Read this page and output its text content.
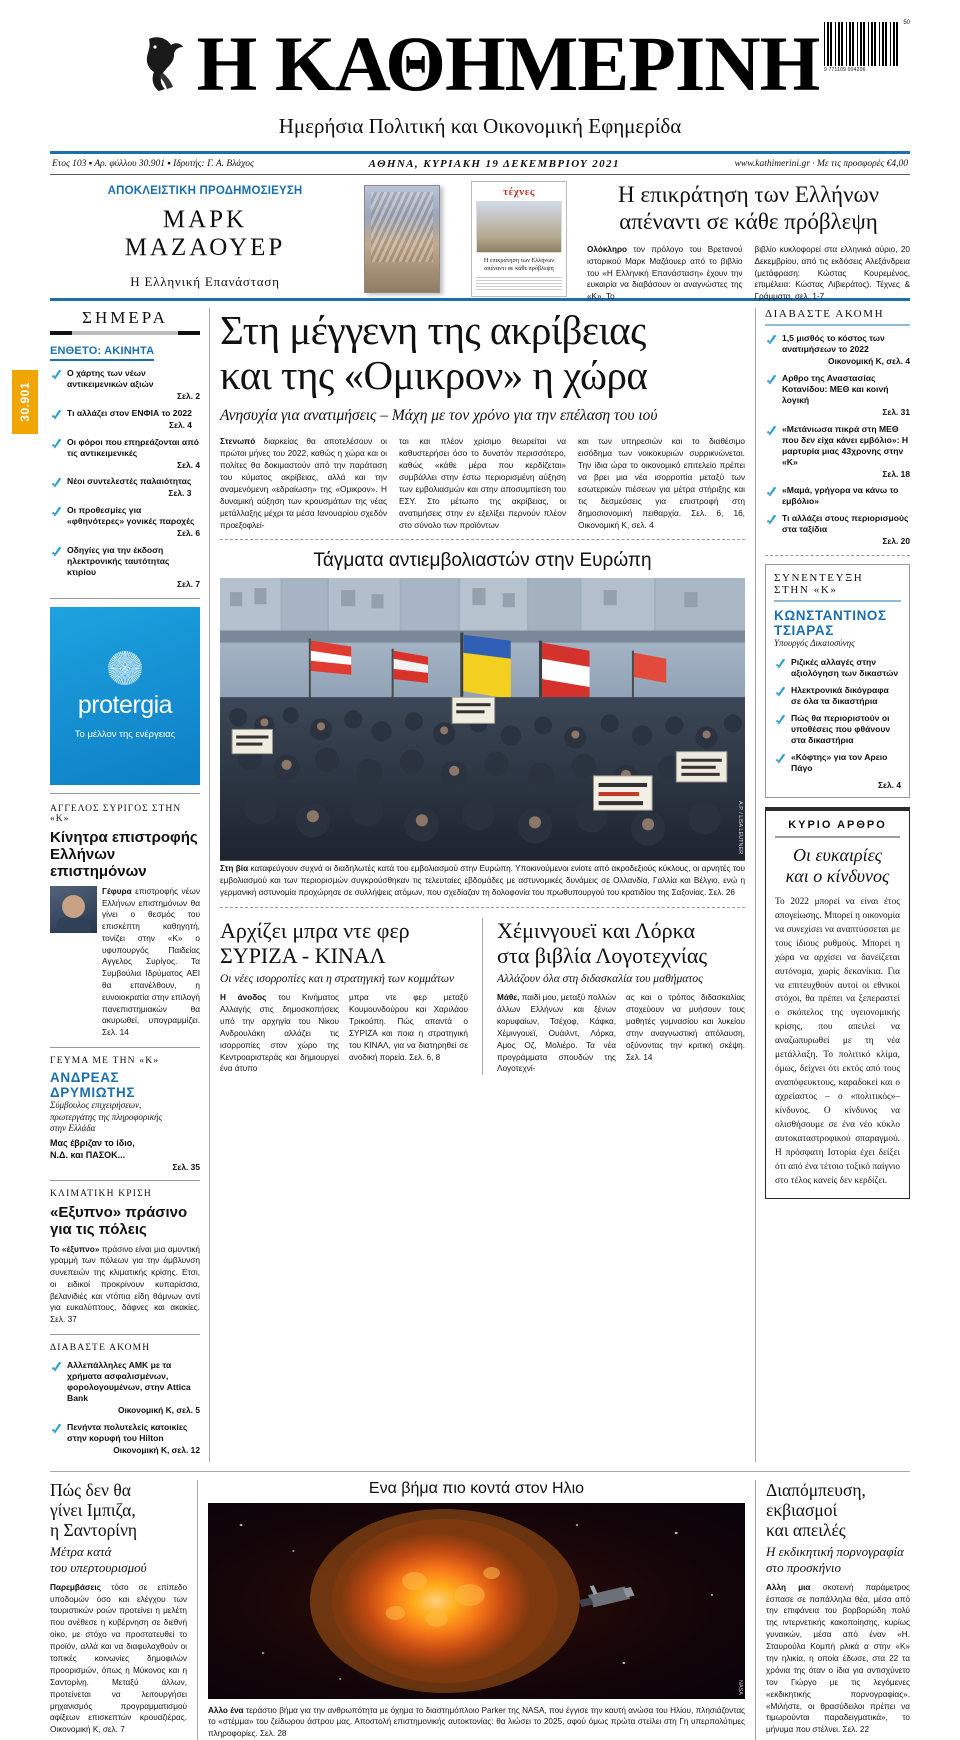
30.901
Η ΚΑΘΗΜΕΡΙΝΗ	50
9 771109 004206
Ημερήσια Πολιτική και Οικονομική Εφημερίδα
Ετος 103 ▪ Αρ. φύλλου 30.901 ▪ Ιδρυτής: Γ. Α. Βλάχος	ΑΘΗΝΑ, ΚΥΡΙΑΚΗ 19 ΔΕΚΕΜΒΡΙΟΥ 2021	www.kathimerini.gr · Με τις προσφορές €4,00
ΑΠΟΚΛΕΙΣΤΙΚΗ ΠΡΟΔΗΜΟΣΙΕΥΣΗ
ΜΑΡΚ
ΜΑΖΑΟΥΕΡ
Η Ελληνική Επανάσταση
τέχνες
Η επικράτηση των Ελλήνων απέναντι σε κάθε πρόβλεψη
Η επικράτηση των Ελλήνων
απέναντι σε κάθε πρόβλεψη

Ολόκληρο τον πρόλογο του Βρετανού ιστορικού Μαρκ Μαζάουερ από το βιβλίο του «Η Ελληνική Επανάσταση» έχουν την ευκαιρία να διαβάσουν οι αναγνώστες της «Κ». Το

βιβλίο κυκλοφορεί στα ελληνικά αύριο, 20 Δεκεμβρίου, από τις εκδόσεις Αλεξάνδρεια (μετάφραση: Κώστας Κουρεμένος, επιμέλεια: Κώστας Λιβιεράτος). Τέχνες & Γράμματα, σελ. 1-7

ΣΗΜΕΡΑ
ΕΝΘΕΤΟ: ΑΚΙΝΗΤΑ
Ο χάρτης των νέων αντικειμενικών αξιών
Σελ. 2
Τι αλλάζει στον ΕΝΦΙΑ το 2022
Σελ. 4
Οι φόροι που επηρεάζονται από τις αντικειμενικές
Σελ. 4
Νέοι συντελεστές παλαιότητας
Σελ. 3
Οι προθεσμίες για «φθηνότερες» γονικές παροχές
Σελ. 6
Οδηγίες για την έκδοση ηλεκτρονικής ταυτότητας κτιρίου
Σελ. 7
protergia
Το μέλλον της ενέργειας
ΑΓΓΕΛΟΣ ΣΥΡΙΓΟΣ ΣΤΗΝ «Κ»
Κίνητρα επιστροφής
Ελλήνων επιστημόνων
Γέφυρα επιστροφής νέων Ελλήνων επιστημόνων θα γίνει ο θεσμός του επισκέπτη καθηγητή, τονίζει στην «Κ» ο υφυπουργός Παιδείας Αγγελος Συρίγος. Τα Συμβούλια Ιδρύματος ΑΕΙ θα επανέλθουν, η ευνοιοκρατία στην επιλογή πανεπιστημιακών θα ακυρωθεί, υπογραμμίζει. Σελ. 14
ΓΕΥΜΑ ΜΕ ΤΗΝ «Κ»
ΑΝΔΡΕΑΣ ΔΡΥΜΙΩΤΗΣ
Σύμβουλος επιχειρήσεων,
πρωτεργάτης της πληροφορικής
στην Ελλάδα
Μας έβριζαν το ίδιο,
Ν.Δ. και ΠΑΣΟΚ...
Σελ. 35
ΚΛΙΜΑΤΙΚΗ ΚΡΙΣΗ
«Εξυπνο» πράσινο
για τις πόλεις
Το «έξυπνο» πράσινο είναι μια αμυντική γραμμή των πόλεων για την άμβλυνση συνεπειών της κλιματικής κρίσης. Ετσι, οι ειδικοί προκρίνουν κυπαρίσσια, βελανιδιές και ντόπια είδη θάμνων αντί για ευκαλύπτους, δάφνες και ακακίες. Σελ. 37
ΔΙΑΒΑΣΤΕ ΑΚΟΜΗ
Αλλεπάλληλες ΑΜΚ με τα χρήματα ασφαλισμένων, φορολογουμένων, στην Attica Bank
Οικονομική Κ, σελ. 5
Πενήντα πολυτελείς κατοικίες στην κορυφή του Hilton
Οικονομική Κ, σελ. 12
Στη μέγγενη της ακρίβειας
και της «Ομικρον» η χώρα
Ανησυχία για ανατιμήσεις – Μάχη με τον χρόνο για την επέλαση του ιού

Στενωπό διαρκείας θα αποτελέσουν οι πρώτοι μήνες του 2022, καθώς η χώρα και οι πολίτες θα δοκιμαστούν από την παράταση του κύματος ακρίβειας, αλλά και την αναμενόμενη «εδραίωση» της «Ομικρον». Η δυναμική αύξηση των κρουσμάτων της νέας μετάλλαξης μέχρι τα μέσα Ιανουαρίου σχεδόν προεξοφλεί-

ται και πλέον χρίσιμο θεωρείται να καθυστερήσει όσο το δυνατόν περισσότερο, καθώς «κάθε μέρα που κερδίζεται» συμβάλλει στην έστω περιορισμένη αύξηση των εμβολιασμών και στην αποσυμπίεση του ΕΣΥ. Στο μέτωπο της ακρίβειας, οι ανατιμήσεις στην εν εξελίξει περνούν πλέον στο σύνολο των προϊόντων

και των υπηρεσιών και το διαθέσιμο εισόδημα των νοικοκυριών συρρικνώνεται. Την ίδια ώρα το οικονομικό επιτελείο πρέπει να βρει μια νέα ισορροπία μεταξύ των εσωτερικών πιέσεων για μέτρα στήριξης και τις δεσμεύσεις για επιστροφή στη δημοσιονομική πειθαρχία. Σελ. 6, 16, Οικονομική Κ, σελ. 4

Τάγματα αντιεμβολιαστών στην Ευρώπη
A.P. / LISA LEUTNER
Στη βία καταφεύγουν συχνά οι διαδηλωτές κατά του εμβολιασμού στην Ευρώπη. Υποκινούμενοι ενίοτε από ακροδεξιούς κύκλους, οι αρνητές του εμβολιασμού και των περιορισμών συγκρούσθηκαν τις τελευταίες εβδομάδες με αστυνομικές δυνάμεις σε Ολλανδία, Γαλλία και Βέλγιο, ενώ η γερμανική αστυνομία προχώρησε σε συλλήψεις ατόμων, που σχεδίαζαν τη δολοφονία του πρωθυπουργού του κρατιδίου της Σαξονίας. Σελ. 26
Αρχίζει μπρα ντε φερ
ΣΥΡΙΖΑ - ΚΙΝΑΛ
Οι νέες ισορροπίες και η στρατηγική των κομμάτων

Η άνοδος του Κινήματος Αλλαγής στις δημοσκοπήσεις υπό την αρχηγία του Νίκου Ανδρουλάκη αλλάζει τις ισορροπίες στον χώρο της Κεντροαριστεράς και δημιουργεί ένα άτυπο

μπρα ντε φερ μεταξύ Κουμουνδούρου και Χαριλάου Τρικούπη. Πώς απαντά ο ΣΥΡΙΖΑ και ποια η στρατηγική του ΚΙΝΑΛ, για να διατηρηθεί σε ανοδική πορεία. Σελ. 6, 8

Χέμινγουεϊ και Λόρκα
στα βιβλία Λογοτεχνίας
Αλλάζουν όλα στη διδασκαλία του μαθήματος

Μάθε, παιδί μου, μεταξύ πολλών άλλων Ελλήνων και ξένων κορυφαίων, Τσέχοφ, Κάφκα, Χέμινγουεϊ, Ουάιλντ, Λόρκα, Αμος Οζ, Μολιέρο. Τα νέα προγράμματα σπουδών της Λογοτεχνί-

ας και ο τρόπος διδασκαλίας στοχεύουν να μυήσουν τους μαθητές γυμνασίου και λυκείου στην αναγνωστική απόλαυση, οξύνοντας την κριτική σκέψη. Σελ. 14

ΔΙΑΒΑΣΤΕ ΑΚΟΜΗ
1,5 μισθός το κόστος των ανατιμήσεων το 2022
Οικονομική Κ, σελ. 4
Αρθρο της Αναστασίας Κοτανίδου: ΜΕΘ και κοινή λογική
Σελ. 31
«Μετάνιωσα πικρά στη ΜΕΘ που δεν είχα κάνει εμβόλιο»: Η μαρτυρία μιας 43χρονης στην «Κ»
Σελ. 18
«Μαμά, γρήγορα να κάνω το εμβόλιο»
Τι αλλάζει στους περιορισμούς στα ταξίδια
Σελ. 20
ΣΥΝΕΝΤΕΥΞΗ ΣΤΗΝ «Κ»
ΚΩΝΣΤΑΝΤΙΝΟΣ ΤΣΙΑΡΑΣ
Υπουργός Δικαιοσύνης
Ριζικές αλλαγές στην αξιολόγηση των δικαστών
Ηλεκτρονικά δικόγραφα σε όλα τα δικαστήρια
Πώς θα περιοριστούν οι υποθέσεις που φθάνουν στα δικαστήρια
«Κόφτης» για τον Αρειο Πάγο
Σελ. 4
ΚΥΡΙΟ ΑΡΘΡΟ
Οι ευκαιρίες
και ο κίνδυνος
Το 2022 μπορεί να είναι έτος απογείωσης. Μπορεί η οικονομία να συνεχίσει να αναπτύσσεται με τους ίδιους ρυθμούς. Μπορεί η χώρα να αρχίσει να δανείζεται αυτόνομα, χωρίς δεκανίκια. Για να επιτευχθούν αυτοί οι εθνικοί στόχοι, θα πρέπει να ξεπεραστεί ο σκόπελος της υγειονομικής κρίσης, που απειλεί να αναζωπυρωθεί με τη νέα μετάλλαξη. Το πολιτικό κλίμα, όμως, δείχνει ότι εκτός από τους αναπόφευκτους, καραδοκεί και ο αχρείαστος – ο «πολιτικός»– κίνδυνος. Ο κίνδυνος να ολισθήσουμε σε ένα νέο κύκλο αυτοκαταστροφικού σπαραγμού. Η πρόσφατη Ιστορία έχει δείξει ότι από ένα τέτοιο τοξικό παίγνιο στο τέλος κανείς δεν κερδίζει.
Πώς δεν θα
γίνει Ιμπιζα,
η Σαντορίνη
Μέτρα κατά
του υπερτουρισμού
Παρεμβάσεις τόσο σε επίπεδο υποδομών όσο και ελέγχου των τουριστικών ροών προτείνει η μελέτη που ανέθεσε η κυβέρνηση σε διεθνή οίκο, με στόχο να προστατευθεί το προϊόν, αλλά και να διαφυλαχθούν οι τοπικές κοινωνίες δημοφιλών προορισμών, όπως η Μύκονος και η Σαντορίνη. Μεταξύ άλλων, προτείνεται να λειτουργήσει μηχανισμός προγραμματισμού αφίξεων επισκεπτών κρουαζιέρας. Οικονομική Κ, σελ. 7
Ενα βήμα πιο κοντά στον Ηλιο
NASA
Αλλο ένα τεράστιο βήμα για την ανθρωπότητα με όχημα το διαστημόπλοιο Parker της NASA, που έγγισε την καυτή ανώσα του Ηλίου, πλησιάζοντας το «στέμμα» του ζείδωρου άστρου μας. Αποστολή επιστημονικής αυτοκτονίας: θα λιώσει το 2025, αφού όμως πρώτα στείλει στη Γη υπερπολύτιμες πληροφορίες. Σελ. 28
Διαπόμπευση,
εκβιασμοί
και απειλές
Η εκδικητική πορνογραφία
στο προσκήνιο
Αλλη μια σκοτεινή παράμετρος έσπασε σε παπάλληλα θέα, μέσα από την επιφάνεια του βορβορώδη πολύ της ιντερνετικής κακοποίησης, κυρίως γυναικών, μέσα από έναν «Η. Σταυρούλα Κομπή ρλικά α στην «Κ» την ηλικία, η οποία έδωσε, στα 22 τα χρόνια της όταν ο ίδια για αντισχύνετο τον Γιώργο με τις λεγόμενες «εκδικητικής πορνογραφίας». «Μιλήστε, οι θρασύδειλοι πρέπει να τιμωρούνται παραδειγματικά», το μήνυμα που στέλνει. Σελ. 22
